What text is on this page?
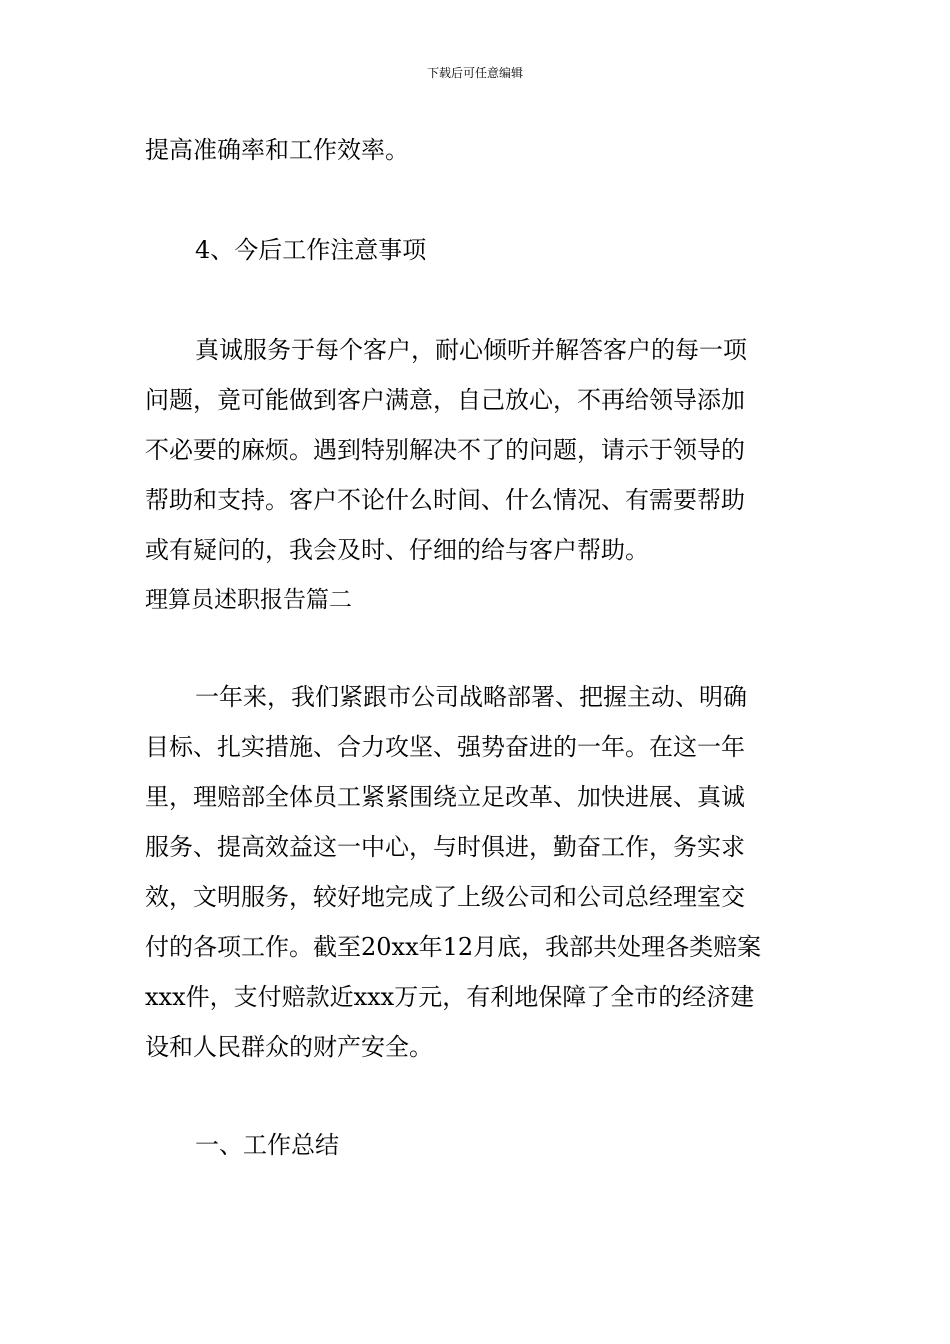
下载后可任意编辑
提高准确率和工作效率。
4、今后工作注意事项
真诚服务于每个客户，耐心倾听并解答客户的每一项
问题，竟可能做到客户满意，自己放心，不再给领导添加
不必要的麻烦。遇到特别解决不了的问题，请示于领导的
帮助和支持。客户不论什么时间、什么情况、有需要帮助
或有疑问的，我会及时、仔细的给与客户帮助。
理算员述职报告篇二
一年来，我们紧跟市公司战略部署、把握主动、明确
目标、扎实措施、合力攻坚、强势奋进的一年。在这一年
里，理赔部全体员工紧紧围绕立足改革、加快进展、真诚
服务、提高效益这一中心，与时俱进，勤奋工作，务实求
效，文明服务，较好地完成了上级公司和公司总经理室交
付的各项工作。截至20xx年12月底，我部共处理各类赔案
xxx件，支付赔款近xxx万元，有利地保障了全市的经济建
设和人民群众的财产安全。
一、工作总结
